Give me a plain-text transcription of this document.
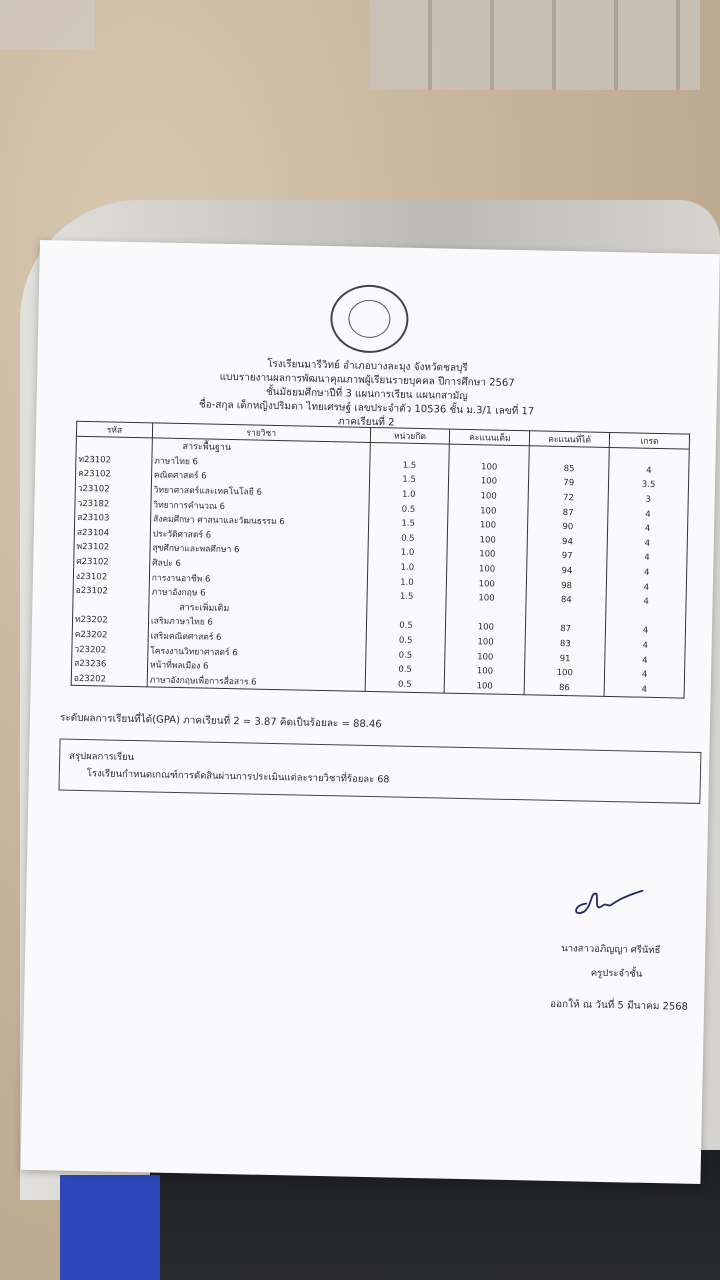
โรงเรียนมารีวิทย์ อำเภอบางละมุง จังหวัดชลบุรี
แบบรายงานผลการพัฒนาคุณภาพผู้เรียนรายบุคคล ปีการศึกษา 2567
ชั้นมัธยมศึกษาปีที่ 3 แผนการเรียน แผนกสามัญ
ชื่อ-สกุล เด็กหญิงปริมดา ไทยเศรษฐ์ เลขประจำตัว 10536 ชั้น ม.3/1 เลขที่ 17
ภาคเรียนที่ 2
รหัส	รายวิชา	หน่วยกิต	คะแนนเต็ม	คะแนนที่ได้	เกรด
	สาระพื้นฐาน				
ท23102	ภาษาไทย 6	1.5	100	85	4
ค23102	คณิตศาสตร์ 6	1.5	100	79	3.5
ว23102	วิทยาศาสตร์และเทคโนโลยี 6	1.0	100	72	3
ว23182	วิทยาการคำนวณ 6	0.5	100	87	4
ส23103	สังคมศึกษา ศาสนาและวัฒนธรรม 6	1.5	100	90	4
ส23104	ประวัติศาสตร์ 6	0.5	100	94	4
พ23102	สุขศึกษาและพลศึกษา 6	1.0	100	97	4
ศ23102	ศิลปะ 6	1.0	100	94	4
ง23102	การงานอาชีพ 6	1.0	100	98	4
อ23102	ภาษาอังกฤษ 6	1.5	100	84	4
	สาระเพิ่มเติม				
ท23202	เสริมภาษาไทย 6	0.5	100	87	4
ค23202	เสริมคณิตศาสตร์ 6	0.5	100	83	4
ว23202	โครงงานวิทยาศาสตร์ 6	0.5	100	91	4
ส23236	หน้าที่พลเมือง 6	0.5	100	100	4
อ23202	ภาษาอังกฤษเพื่อการสื่อสาร 6	0.5	100	86	4
ระดับผลการเรียนที่ได้(GPA) ภาคเรียนที่ 2 = 3.87 คิดเป็นร้อยละ = 88.46
สรุปผลการเรียน
โรงเรียนกำหนดเกณฑ์การตัดสินผ่านการประเมินแต่ละรายวิชาที่ร้อยละ 68
นางสาวอภิญญา ศรีนัทธี
ครูประจำชั้น
ออกให้ ณ วันที่ 5 มีนาคม 2568
